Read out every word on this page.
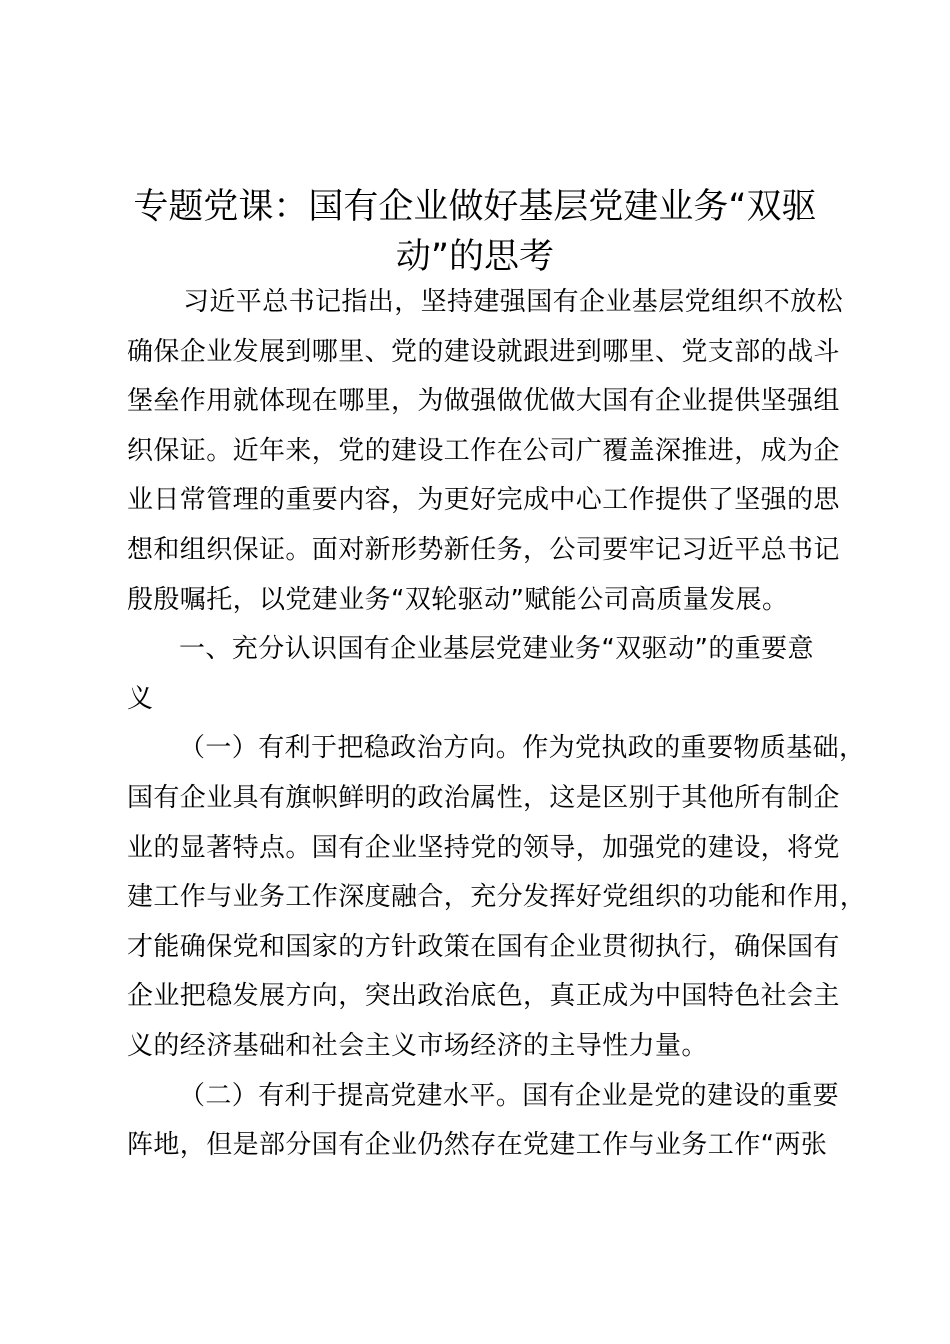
专题党课：国有企业做好基层党建业务“双驱
动”的思考
习近平总书记指出，坚持建强国有企业基层党组织不放松
确保企业发展到哪里、党的建设就跟进到哪里、党支部的战斗
堡垒作用就体现在哪里，为做强做优做大国有企业提供坚强组
织保证。近年来，党的建设工作在公司广覆盖深推进，成为企
业日常管理的重要内容，为更好完成中心工作提供了坚强的思
想和组织保证。面对新形势新任务，公司要牢记习近平总书记
殷殷嘱托，以党建业务“双轮驱动”赋能公司高质量发展。
一、充分认识国有企业基层党建业务“双驱动”的重要意
义
（一）有利于把稳政治方向。作为党执政的重要物质基础，
国有企业具有旗帜鲜明的政治属性，这是区别于其他所有制企
业的显著特点。国有企业坚持党的领导，加强党的建设，将党
建工作与业务工作深度融合，充分发挥好党组织的功能和作用，
才能确保党和国家的方针政策在国有企业贯彻执行，确保国有
企业把稳发展方向，突出政治底色，真正成为中国特色社会主
义的经济基础和社会主义市场经济的主导性力量。
（二）有利于提高党建水平。国有企业是党的建设的重要
阵地，但是部分国有企业仍然存在党建工作与业务工作“两张
